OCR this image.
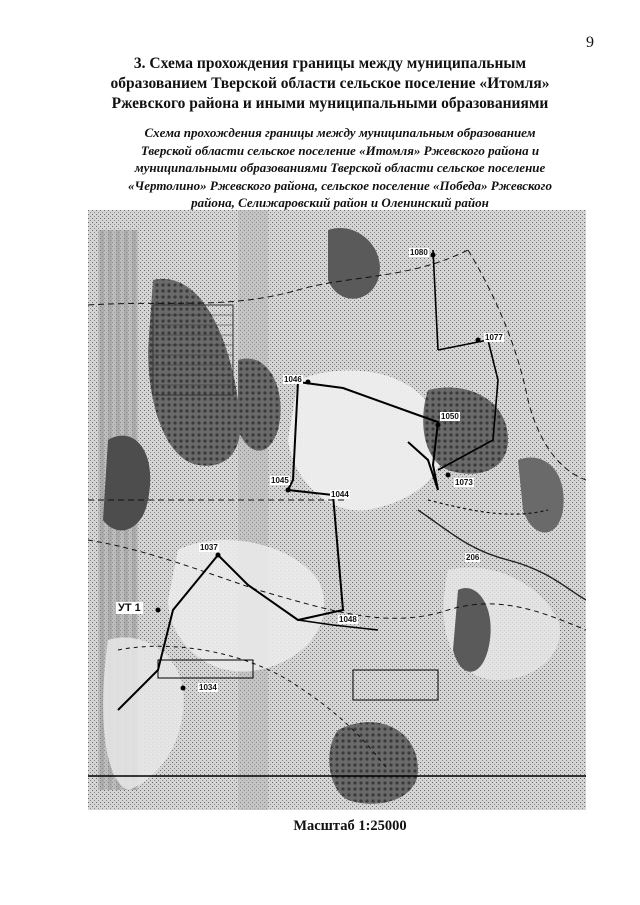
9
3. Схема прохождения границы между муниципальным
образованием Тверской области сельское поселение «Итомля»
Ржевского района и иными муниципальными образованиями
Схема прохождения границы между муниципальным образованием
Тверской области сельское поселение «Итомля» Ржевского района и
муниципальными образованиями Тверской области сельское поселение
«Чертолино» Ржевского района, сельское поселение «Победа» Ржевского
района, Селижаровский район и Оленинский район
1080
1077
1046
1050
1073
1045
1044
1037
206
1048
1034
УТ 1
Масштаб 1:25000
